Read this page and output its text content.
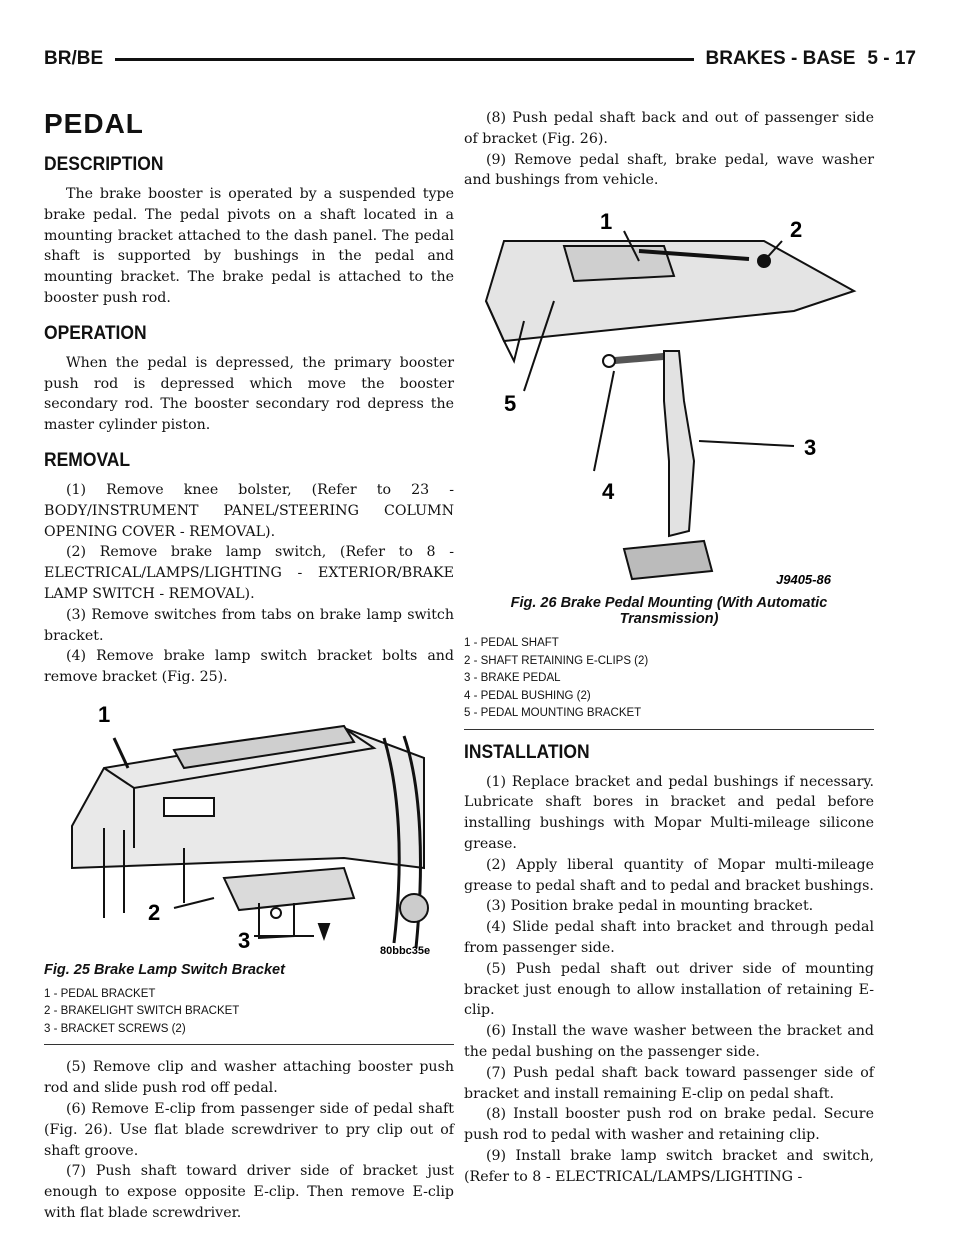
BR/BE	BRAKES - BASE 5 - 17
PEDAL
DESCRIPTION

The brake booster is operated by a suspended type brake pedal. The pedal pivots on a shaft located in a mounting bracket attached to the dash panel. The pedal shaft is supported by bushings in the pedal and mounting bracket. The brake pedal is attached to the booster push rod.

OPERATION

When the pedal is depressed, the primary booster push rod is depressed which move the booster secondary rod. The booster secondary rod depress the master cylinder piston.

REMOVAL

(1) Remove knee bolster, (Refer to 23 - BODY/INSTRUMENT PANEL/STEERING COLUMN OPENING COVER - REMOVAL).

(2) Remove brake lamp switch, (Refer to 8 - ELECTRICAL/LAMPS/LIGHTING - EXTERIOR/BRAKE LAMP SWITCH - REMOVAL).

(3) Remove switches from tabs on brake lamp switch bracket.

(4) Remove brake lamp switch bracket bolts and remove bracket (Fig. 25).

1
2
3	80bbc35e
Fig. 25 Brake Lamp Switch Bracket
1 - PEDAL BRACKET
2 - BRAKELIGHT SWITCH BRACKET
3 - BRACKET SCREWS (2)

(5) Remove clip and washer attaching booster push rod and slide push rod off pedal.

(6) Remove E-clip from passenger side of pedal shaft (Fig. 26). Use flat blade screwdriver to pry clip out of shaft groove.

(7) Push shaft toward driver side of bracket just enough to expose opposite E-clip. Then remove E-clip with flat blade screwdriver.

(8) Push pedal shaft back and out of passenger side of bracket (Fig. 26).

(9) Remove pedal shaft, brake pedal, wave washer and bushings from vehicle.

1	2
3
4
5
J9405-86
Fig. 26 Brake Pedal Mounting (With Automatic Transmission)
1 - PEDAL SHAFT
2 - SHAFT RETAINING E-CLIPS (2)
3 - BRAKE PEDAL
4 - PEDAL BUSHING (2)
5 - PEDAL MOUNTING BRACKET
INSTALLATION

(1) Replace bracket and pedal bushings if necessary. Lubricate shaft bores in bracket and pedal before installing bushings with Mopar Multi-mileage silicone grease.

(2) Apply liberal quantity of Mopar multi-mileage grease to pedal shaft and to pedal and bracket bushings.

(3) Position brake pedal in mounting bracket.

(4) Slide pedal shaft into bracket and through pedal from passenger side.

(5) Push pedal shaft out driver side of mounting bracket just enough to allow installation of retaining E-clip.

(6) Install the wave washer between the bracket and the pedal bushing on the passenger side.

(7) Push pedal shaft back toward passenger side of bracket and install remaining E-clip on pedal shaft.

(8) Install booster push rod on brake pedal. Secure push rod to pedal with washer and retaining clip.

(9) Install brake lamp switch bracket and switch, (Refer to 8 - ELECTRICAL/LAMPS/LIGHTING -
